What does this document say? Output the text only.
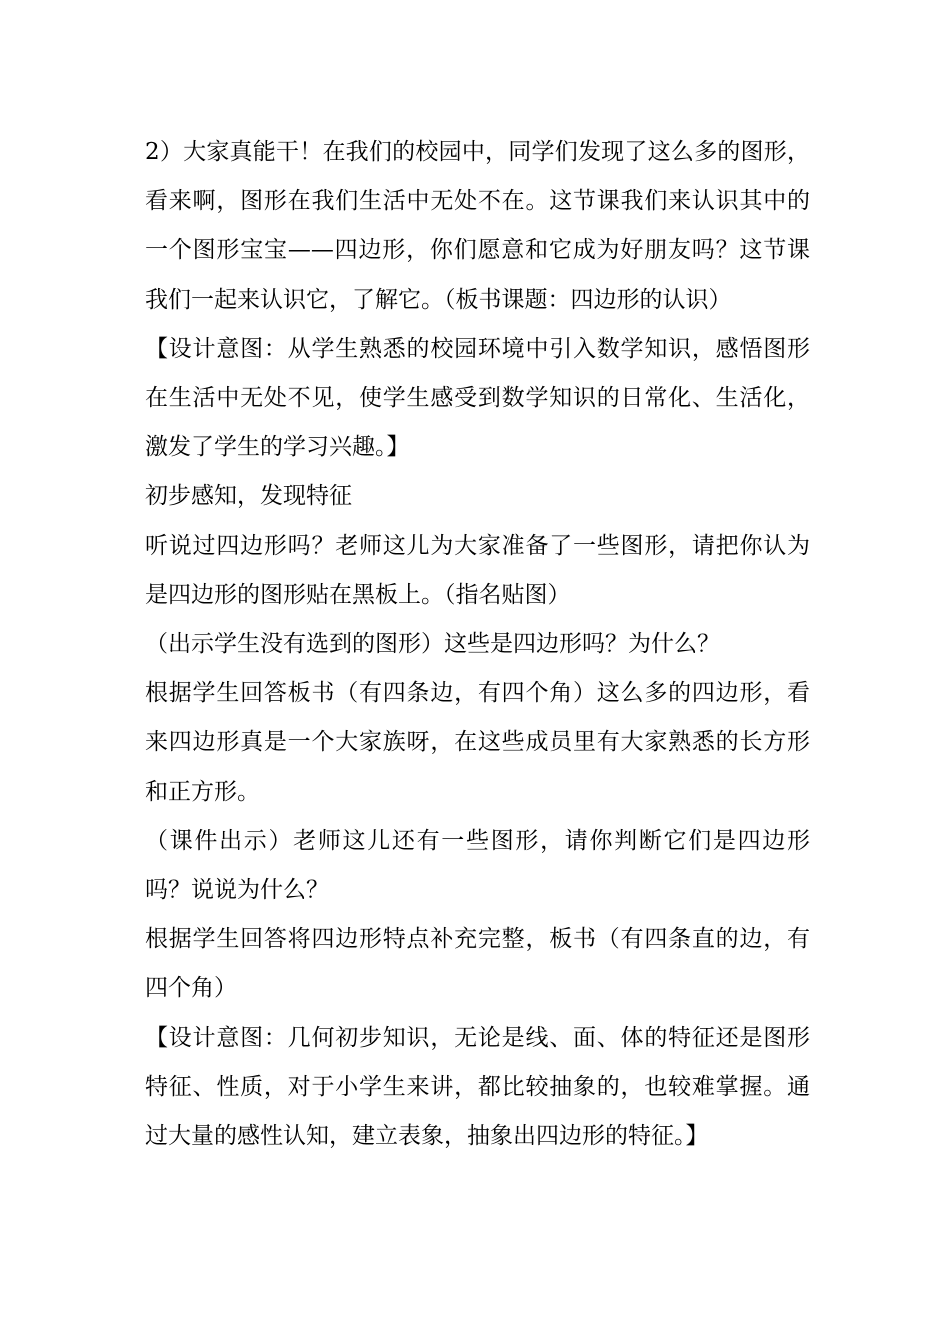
2）大家真能干！在我们的校园中，同学们发现了这么多的图形，看来啊，图形在我们生活中无处不在。这节课我们来认识其中的一个图形宝宝——四边形，你们愿意和它成为好朋友吗？这节课我们一起来认识它，了解它。（板书课题：四边形的认识）

【设计意图：从学生熟悉的校园环境中引入数学知识，感悟图形在生活中无处不见，使学生感受到数学知识的日常化、生活化，激发了学生的学习兴趣。】

初步感知，发现特征

听说过四边形吗？老师这儿为大家准备了一些图形，请把你认为是四边形的图形贴在黑板上。（指名贴图）

（出示学生没有选到的图形）这些是四边形吗？为什么？

根据学生回答板书（有四条边，有四个角）这么多的四边形，看来四边形真是一个大家族呀，在这些成员里有大家熟悉的长方形和正方形。

（课件出示）老师这儿还有一些图形，请你判断它们是四边形吗？说说为什么？

根据学生回答将四边形特点补充完整，板书（有四条直的边，有四个角）

【设计意图：几何初步知识，无论是线、面、体的特征还是图形特征、性质，对于小学生来讲，都比较抽象的，也较难掌握。通过大量的感性认知，建立表象，抽象出四边形的特征。】
